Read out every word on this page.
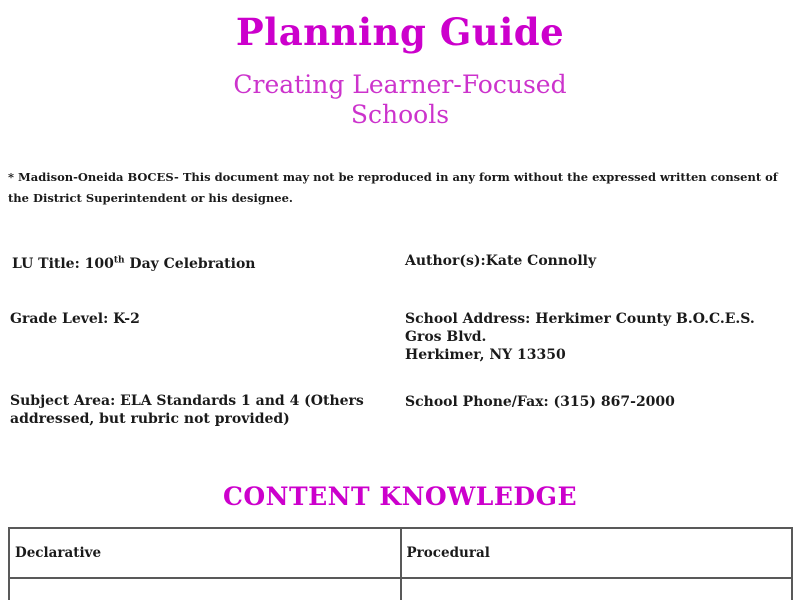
Planning Guide
Creating Learner-Focused
Schools

* Madison-Oneida BOCES- This document may not be reproduced in any form without the expressed written consent of the District Superintendent or his designee.

LU Title: 100th Day Celebration	Author(s):Kate Connolly
Grade Level: K-2	School Address: Herkimer County B.O.C.E.S.
Gros Blvd.
Herkimer, NY 13350
Subject Area: ELA Standards 1 and 4 (Others addressed, but rubric not provided)
School Phone/Fax: (315) 867-2000
CONTENT KNOWLEDGE
Declarative	Procedural
